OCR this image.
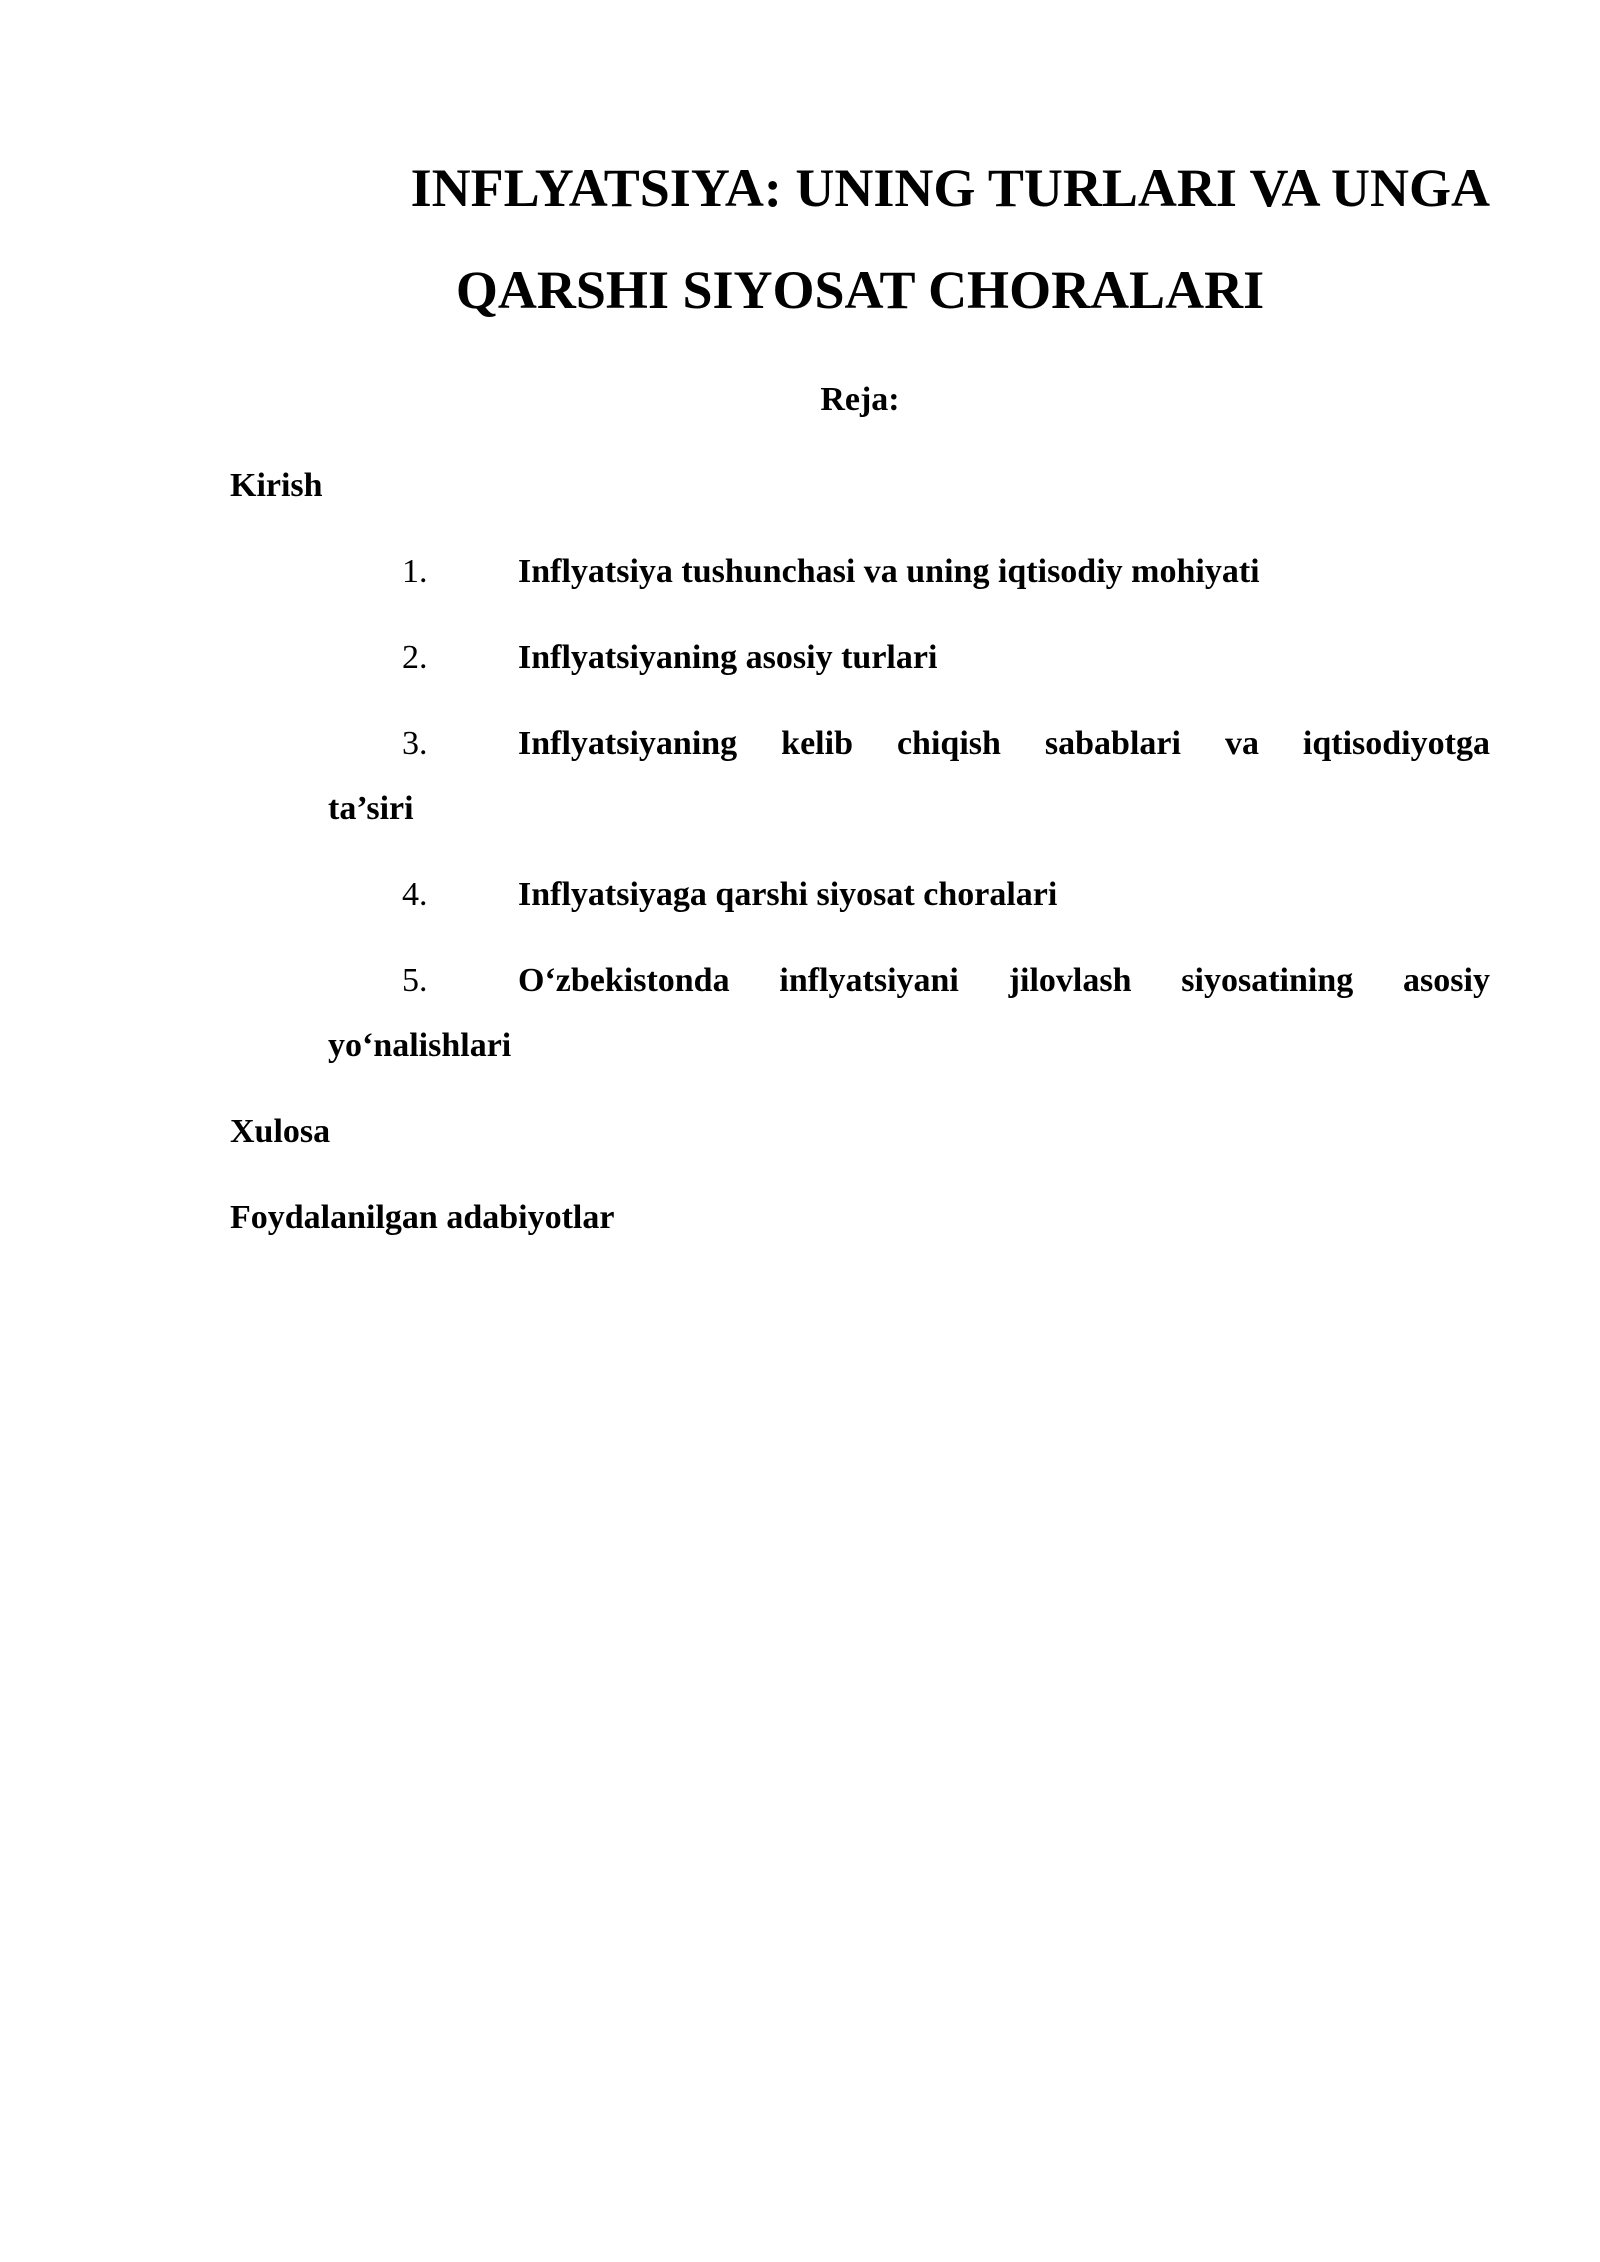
INFLYATSIYA: UNING TURLARI VA UNGA
QARSHI SIYOSAT CHORALARI
Reja:
Kirish
1.	Inflyatsiya tushunchasi va uning iqtisodiy mohiyati
2.	Inflyatsiyaning asosiy turlari
3.	Inflyatsiyaning kelib chiqish sabablari va iqtisodiyotga
ta’siri
4.	Inflyatsiyaga qarshi siyosat choralari
5.	O‘zbekistonda inflyatsiyani jilovlash siyosatining asosiy
yo‘nalishlari
Xulosa
Foydalanilgan adabiyotlar
